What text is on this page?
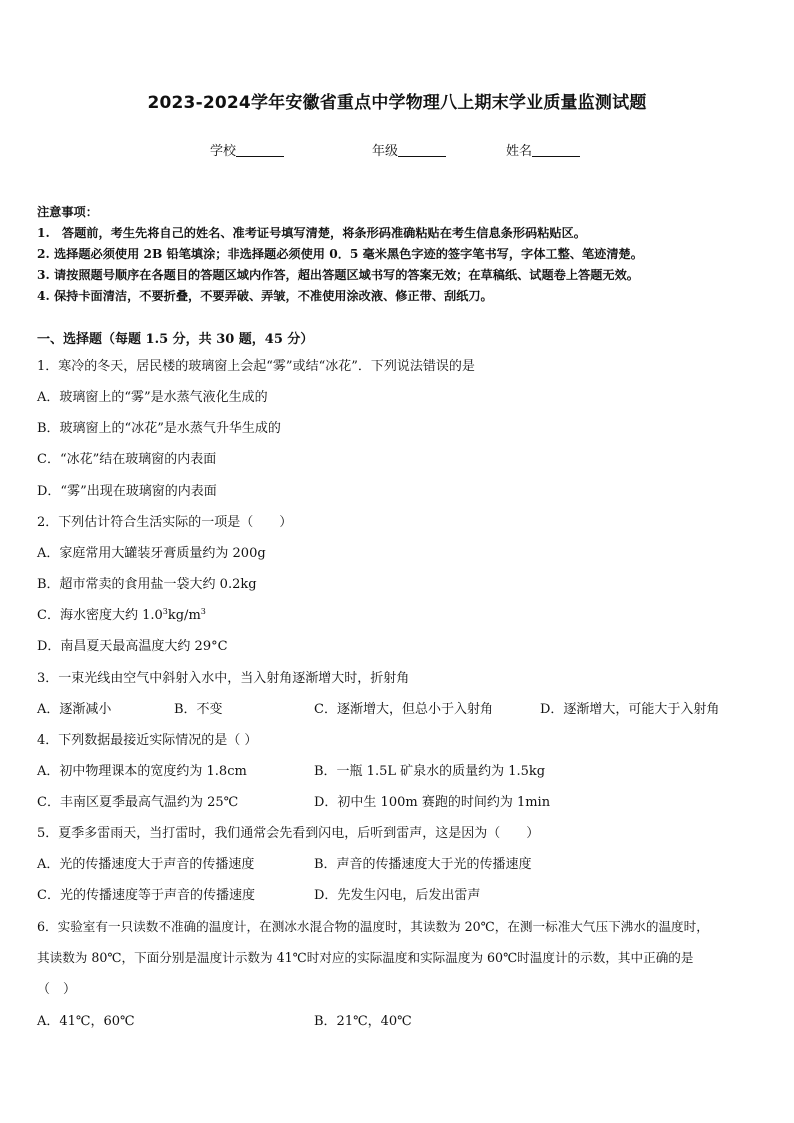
2023-2024学年安徽省重点中学物理八上期末学业质量监测试题
学校	年级	姓名
注意事项：
1.　答题前，考生先将自己的姓名、准考证号填写清楚，将条形码准确粘贴在考生信息条形码粘贴区。
2. 选择题必须使用 2B 铅笔填涂；非选择题必须使用 0．5 毫米黑色字迹的签字笔书写，字体工整、笔迹清楚。
3. 请按照题号顺序在各题目的答题区域内作答，超出答题区域书写的答案无效；在草稿纸、试题卷上答题无效。
4. 保持卡面清洁，不要折叠，不要弄破、弄皱，不准使用涂改液、修正带、刮纸刀。
一、选择题（每题 1.5 分，共 30 题，45 分）
1．寒冷的冬天，居民楼的玻璃窗上会起“雾”或结“冰花”．下列说法错误的是
A．玻璃窗上的“雾”是水蒸气液化生成的
B．玻璃窗上的“冰花”是水蒸气升华生成的
C．“冰花”结在玻璃窗的内表面
D．“雾”出现在玻璃窗的内表面
2．下列估计符合生活实际的一项是（　　）
A．家庭常用大罐装牙膏质量约为 200g
B．超市常卖的食用盐一袋大约 0.2kg
C．海水密度大约 $1.0^3kg/m^3$
D．南昌夏天最高温度大约 29°C
3．一束光线由空气中斜射入水中，当入射角逐渐增大时，折射角
A．逐渐减小	B．不变	C．逐渐增大，但总小于入射角	D．逐渐增大，可能大于入射角
4．下列数据最接近实际情况的是（ ）
A．初中物理课本的宽度约为 1.8cm	B．一瓶 1.5L 矿泉水的质量约为 1.5kg
C．丰南区夏季最高气温约为 25℃	D．初中生 100m 赛跑的时间约为 1min
5．夏季多雷雨天，当打雷时，我们通常会先看到闪电，后听到雷声，这是因为（　　）
A．光的传播速度大于声音的传播速度	B．声音的传播速度大于光的传播速度
C．光的传播速度等于声音的传播速度	D．先发生闪电，后发出雷声
6．实验室有一只读数不准确的温度计，在测冰水混合物的温度时，其读数为 20℃，在测一标准大气压下沸水的温度时，
其读数为 80℃，下面分别是温度计示数为 41℃时对应的实际温度和实际温度为 60℃时温度计的示数，其中正确的是
（　）
A．41℃，60℃	B．21℃，40℃
